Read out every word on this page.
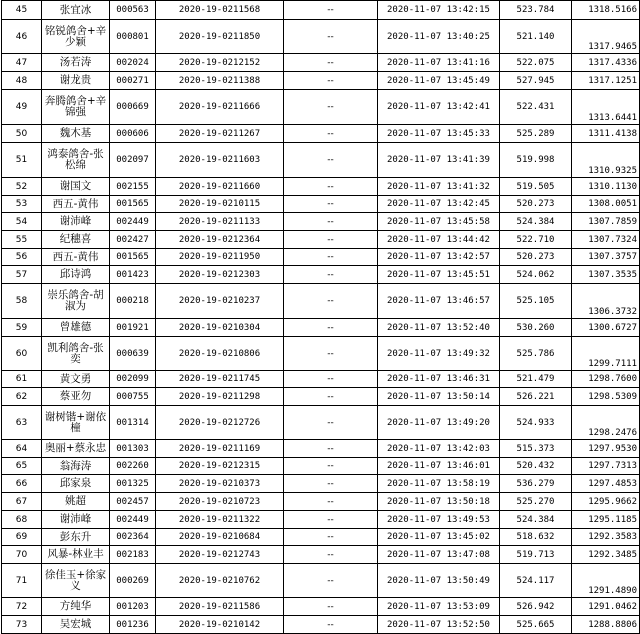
45	张宜冰	000563	2020-19-0211568	--	2020-11-07 13:42:15	523.784	1318.5166
46	铭锐鸽舍+辛少颖	000801	2020-19-0211850	--	2020-11-07 13:40:25	521.140	1317.9465
47	汤若涛	002024	2020-19-0212152	--	2020-11-07 13:41:16	522.075	1317.4336
48	谢龙贵	000271	2020-19-0211388	--	2020-11-07 13:45:49	527.945	1317.1251
49	奔腾鸽舍+辛锦强	000669	2020-19-0211666	--	2020-11-07 13:42:41	522.431	1313.6441
50	魏木基	000606	2020-19-0211267	--	2020-11-07 13:45:33	525.289	1311.4138
51	鸿泰鸽舍-张松绵	002097	2020-19-0211603	--	2020-11-07 13:41:39	519.998	1310.9325
52	谢国文	002155	2020-19-0211660	--	2020-11-07 13:41:32	519.505	1310.1130
53	西五-黄伟	001565	2020-19-0210115	--	2020-11-07 13:42:45	520.273	1308.0051
54	谢沛峰	002449	2020-19-0211133	--	2020-11-07 13:45:58	524.384	1307.7859
55	纪穗喜	002427	2020-19-0212364	--	2020-11-07 13:44:42	522.710	1307.7324
56	西五-黄伟	001565	2020-19-0211950	--	2020-11-07 13:42:57	520.273	1307.3757
57	邱诗鸿	001423	2020-19-0212303	--	2020-11-07 13:45:51	524.062	1307.3535
58	崇乐鸽舍-胡淑为	000218	2020-19-0210237	--	2020-11-07 13:46:57	525.105	1306.3732
59	曾雄德	001921	2020-19-0210304	--	2020-11-07 13:52:40	530.260	1300.6727
60	凯利鸽舍-张奕	000639	2020-19-0210806	--	2020-11-07 13:49:32	525.786	1299.7111
61	黄文勇	002099	2020-19-0211745	--	2020-11-07 13:46:31	521.479	1298.7600
62	蔡亚勿	000755	2020-19-0211298	--	2020-11-07 13:50:14	526.221	1298.5309
63	谢树锴+谢依橦	001314	2020-19-0212726	--	2020-11-07 13:49:20	524.933	1298.2476
64	奥丽+蔡永忠	001303	2020-19-0211169	--	2020-11-07 13:42:03	515.373	1297.9530
65	翁海涛	002260	2020-19-0212315	--	2020-11-07 13:46:01	520.432	1297.7313
66	邱家泉	001325	2020-19-0210373	--	2020-11-07 13:58:19	536.279	1297.4853
67	姚超	002457	2020-19-0210723	--	2020-11-07 13:50:18	525.270	1295.9662
68	谢沛峰	002449	2020-19-0211322	--	2020-11-07 13:49:53	524.384	1295.1185
69	彭东升	002364	2020-19-0210684	--	2020-11-07 13:45:02	518.632	1292.3583
70	风暴-林业丰	002183	2020-19-0212743	--	2020-11-07 13:47:08	519.713	1292.3485
71	徐佳玉+徐家义	000269	2020-19-0210762	--	2020-11-07 13:50:49	524.117	1291.4890
72	方纯华	001203	2020-19-0211586	--	2020-11-07 13:53:09	526.942	1291.0462
73	吴宏城	001236	2020-19-0210142	--	2020-11-07 13:52:50	525.665	1288.8806
